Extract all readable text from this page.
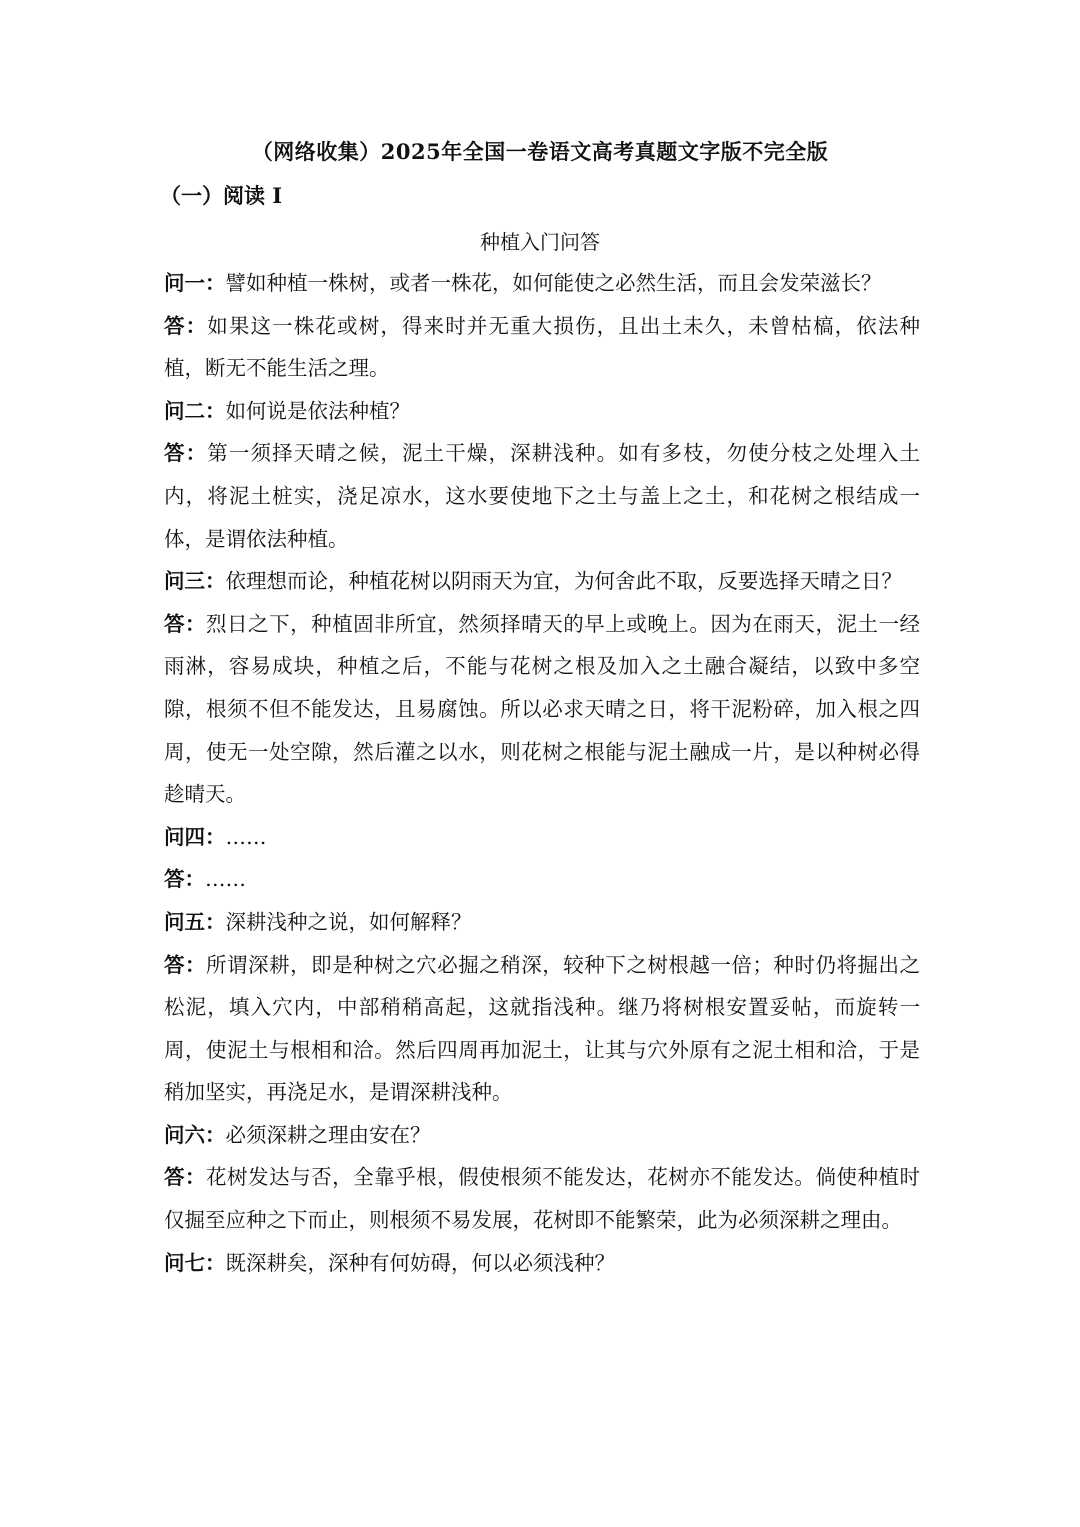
（网络收集）2025年全国一卷语文高考真题文字版不完全版
（一）阅读 I
种植入门问答

问一：譬如种植一株树，或者一株花，如何能使之必然生活，而且会发荣滋长？

答：如果这一株花或树，得来时并无重大损伤，且出土未久，未曾枯槁，依法种植，断无不能生活之理。

问二：如何说是依法种植？

答：第一须择天晴之候，泥土干燥，深耕浅种。如有多枝，勿使分枝之处埋入土内，将泥土桩实，浇足凉水，这水要使地下之土与盖上之土，和花树之根结成一体，是谓依法种植。

问三：依理想而论，种植花树以阴雨天为宜，为何舍此不取，反要选择天晴之日？

答：烈日之下，种植固非所宜，然须择晴天的早上或晚上。因为在雨天，泥土一经雨淋，容易成块，种植之后，不能与花树之根及加入之土融合凝结，以致中多空隙，根须不但不能发达，且易腐蚀。所以必求天晴之日，将干泥粉碎，加入根之四周，使无一处空隙，然后灌之以水，则花树之根能与泥土融成一片，是以种树必得趁晴天。

问四：……

答：……

问五：深耕浅种之说，如何解释？

答：所谓深耕，即是种树之穴必掘之稍深，较种下之树根越一倍；种时仍将掘出之松泥，填入穴内，中部稍稍高起，这就指浅种。继乃将树根安置妥帖，而旋转一周，使泥土与根相和洽。然后四周再加泥土，让其与穴外原有之泥土相和洽，于是稍加坚实，再浇足水，是谓深耕浅种。

问六：必须深耕之理由安在？

答：花树发达与否，全靠乎根，假使根须不能发达，花树亦不能发达。倘使种植时仅掘至应种之下而止，则根须不易发展，花树即不能繁荣，此为必须深耕之理由。

问七：既深耕矣，深种有何妨碍，何以必须浅种？
